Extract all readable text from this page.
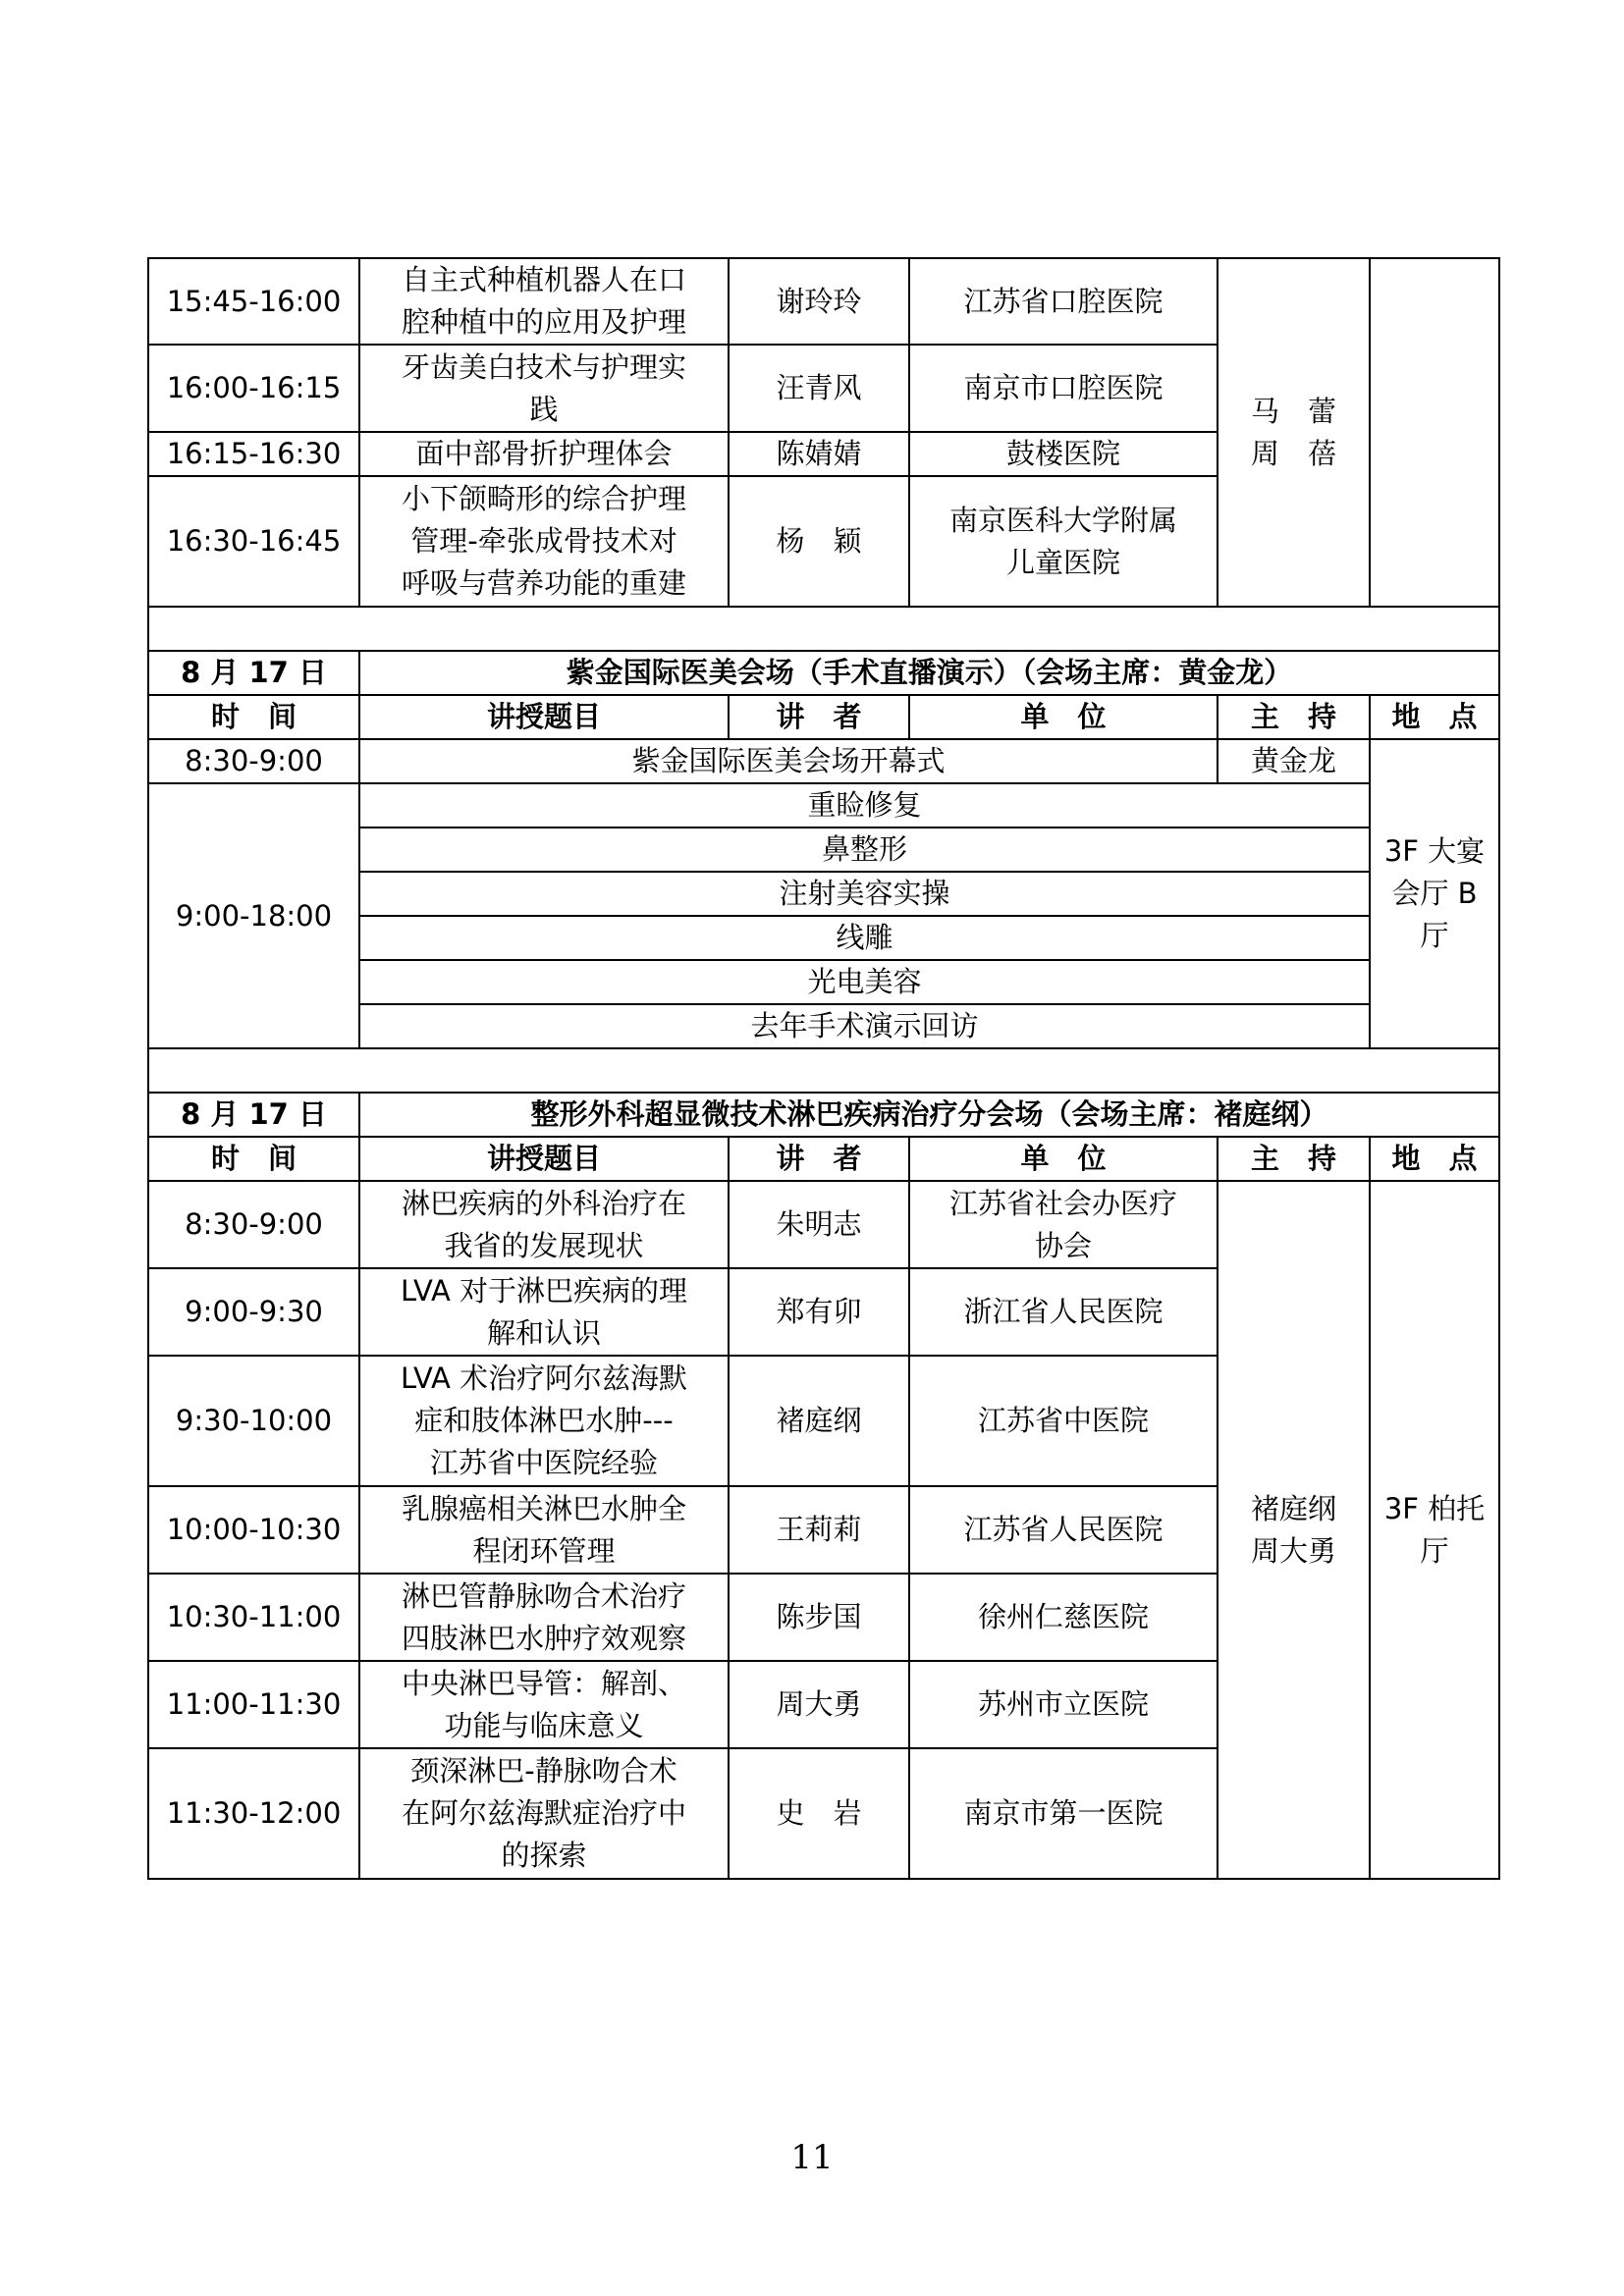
15:45-16:00	自主式种植机器人在口
腔种植中的应用及护理	谢玲玲	江苏省口腔医院	马　蕾
周　蓓	

16:00-16:15	牙齿美白技术与护理实
践	汪青风	南京市口腔医院		

16:15-16:30	面中部骨折护理体会	陈婧婧	鼓楼医院		

16:30-16:45	小下颌畸形的综合护理
管理-牵张成骨技术对
呼吸与营养功能的重建	杨　颖	南京医科大学附属
儿童医院		

8 月 17 日	紫金国际医美会场（手术直播演示）（会场主席：黄金龙）				
时　间	讲授题目	讲　者	单　位	主　持	地　点
8:30-9:00	紫金国际医美会场开幕式			黄金龙	3F 大宴
会厅 B
厅

9:00-18:00	重睑修复				
	鼻整形				
	注射美容实操				
	线雕				
	光电美容				
	去年手术演示回访				

8 月 17 日	整形外科超显微技术淋巴疾病治疗分会场（会场主席：褚庭纲）				
时　间	讲授题目	讲　者	单　位	主　持	地　点
8:30-9:00	淋巴疾病的外科治疗在
我省的发展现状	朱明志	江苏省社会办医疗
协会	褚庭纲
周大勇	3F 柏托
厅

9:00-9:30	LVA 对于淋巴疾病的理
解和认识	郑有卯	浙江省人民医院		

9:30-10:00	LVA 术治疗阿尔兹海默
症和肢体淋巴水肿---
江苏省中医院经验	褚庭纲	江苏省中医院		

10:00-10:30	乳腺癌相关淋巴水肿全
程闭环管理	王莉莉	江苏省人民医院		

10:30-11:00	淋巴管静脉吻合术治疗
四肢淋巴水肿疗效观察	陈步国	徐州仁慈医院		

11:00-11:30	中央淋巴导管：解剖、
功能与临床意义	周大勇	苏州市立医院		

11:30-12:00	颈深淋巴-静脉吻合术
在阿尔兹海默症治疗中
的探索	史　岩	南京市第一医院		
11
